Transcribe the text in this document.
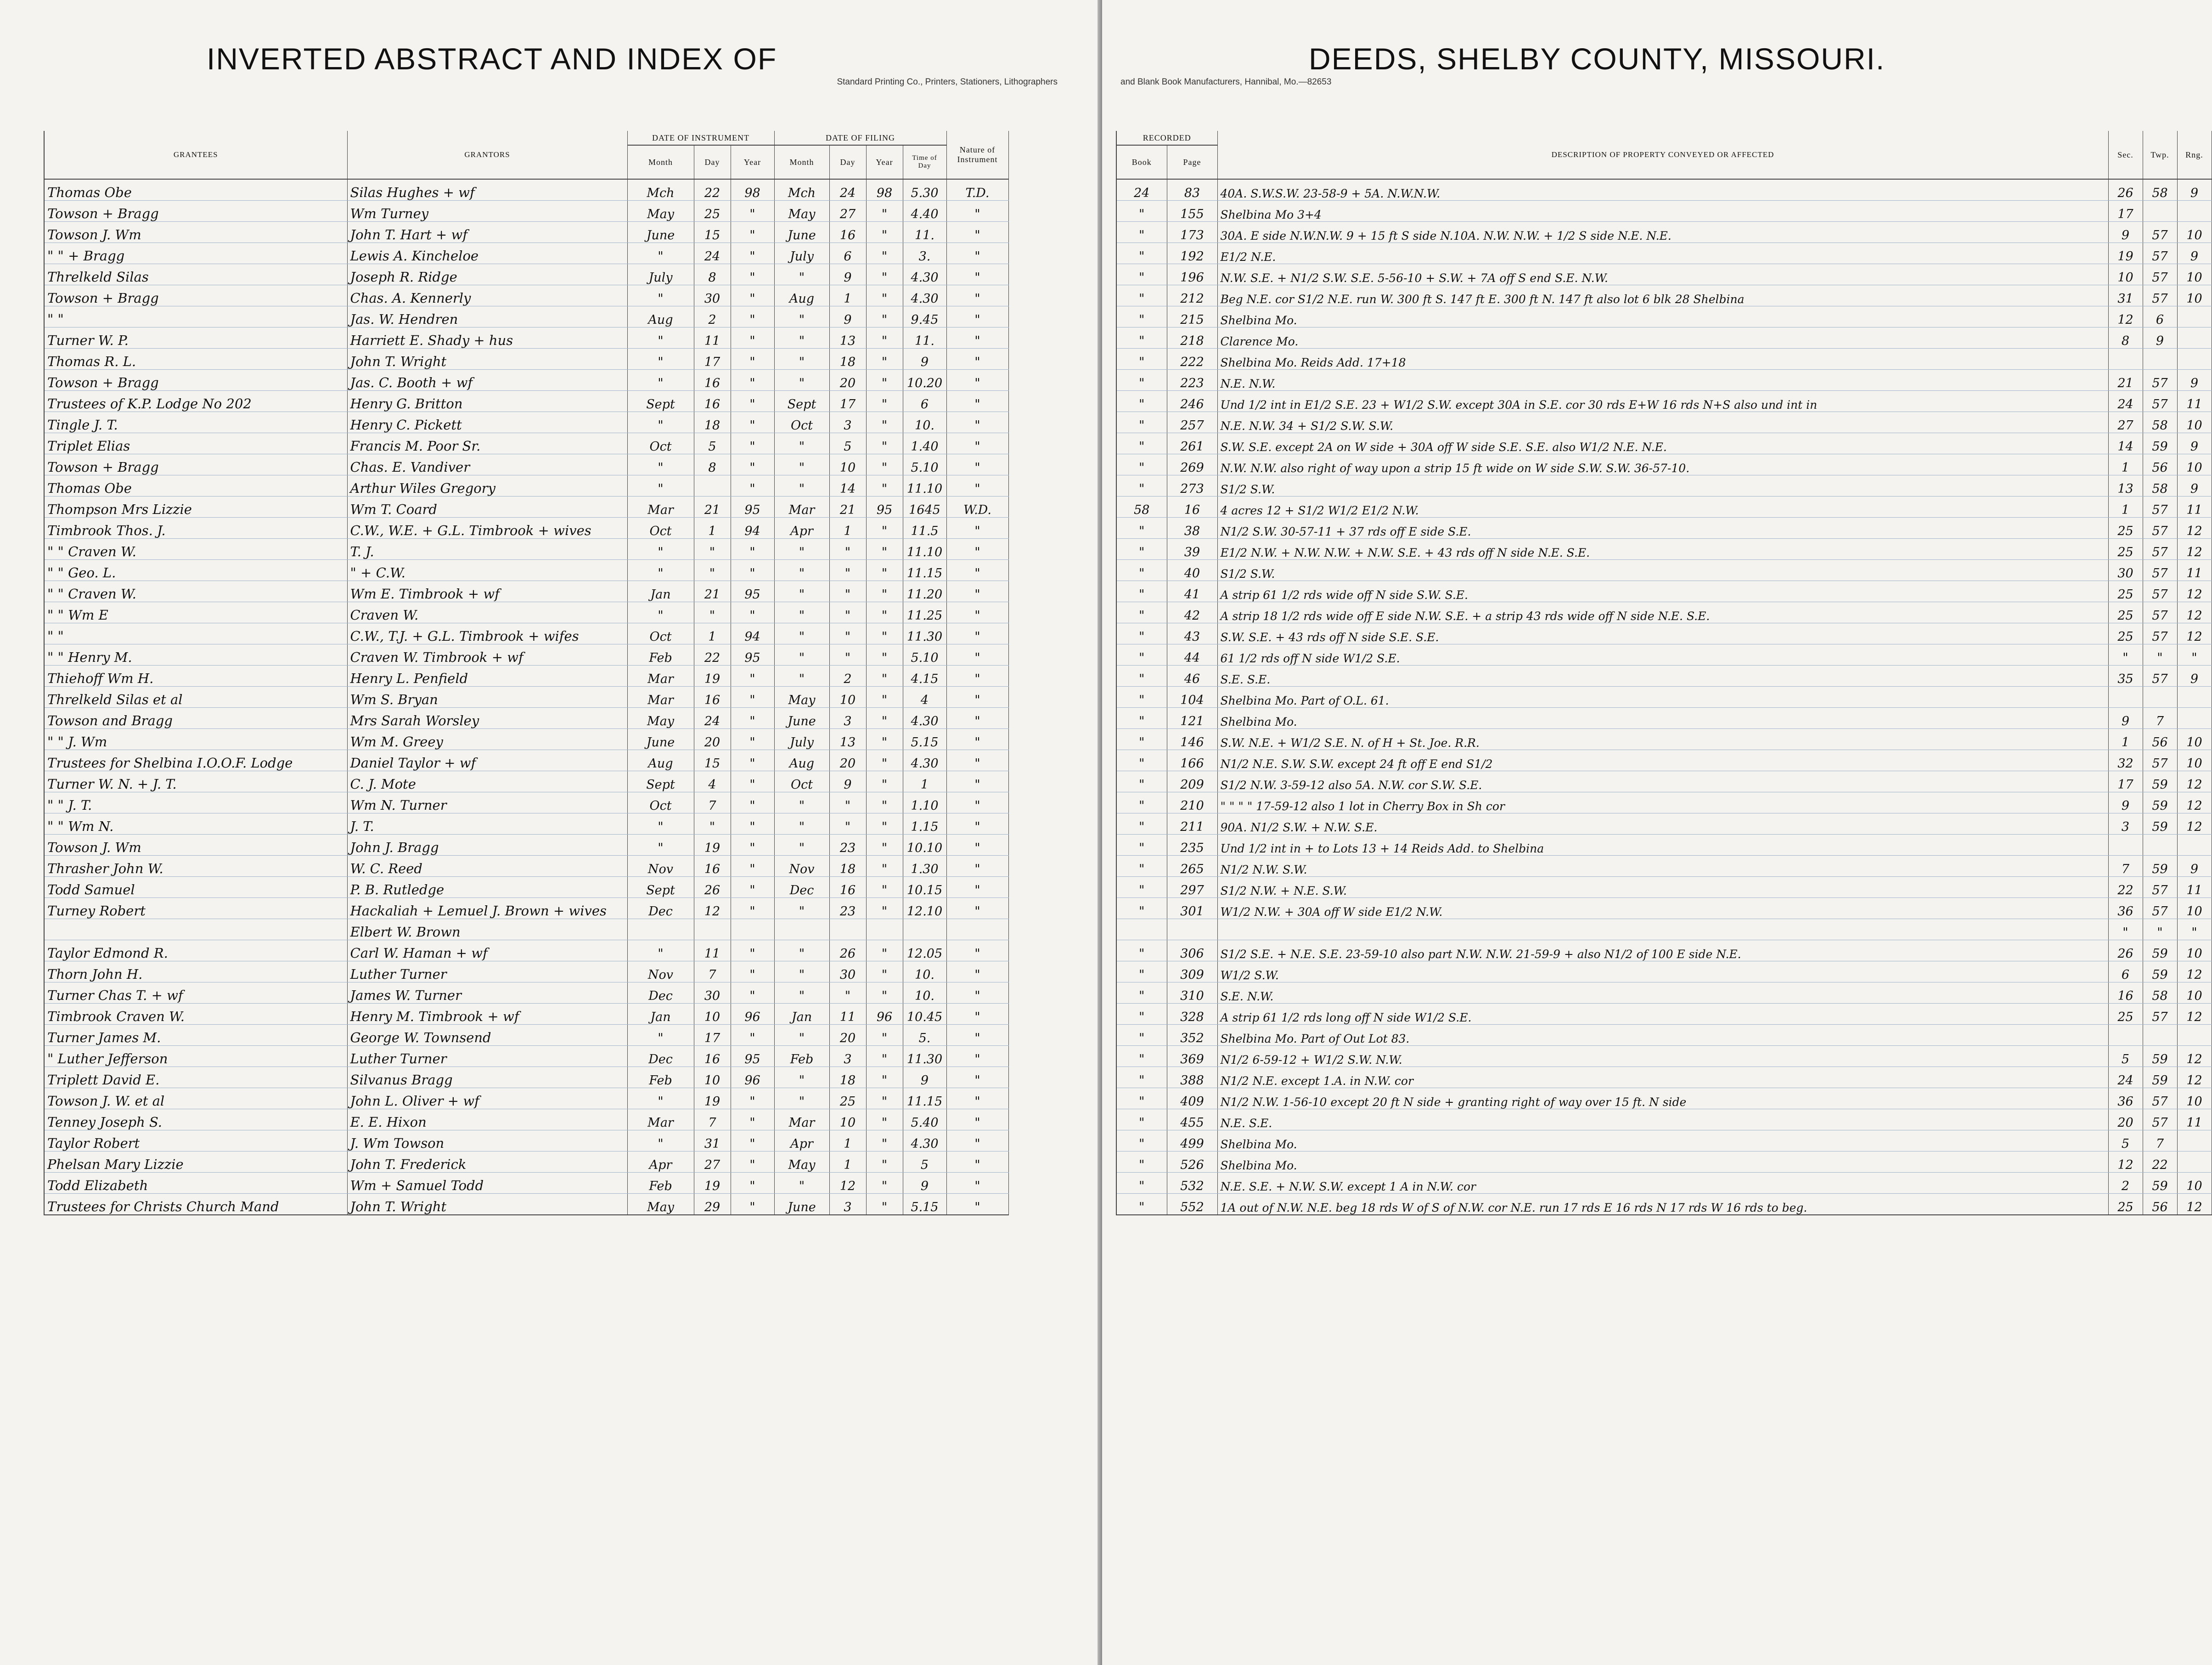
INVERTED ABSTRACT AND INDEX OF
Standard Printing Co., Printers, Stationers, Lithographers
GRANTEES	GRANTORS	DATE OF INSTRUMENT			DATE OF FILING				Nature of Instrument
		Month	Day	Year	Month	Day	Year	Time of Day	
Thomas Obe	Silas Hughes + wf	Mch	22	98	Mch	24	98	5.30	T.D.
Towson + Bragg	Wm Turney	May	25	"	May	27	"	4.40	"
Towson J. Wm	John T. Hart + wf	June	15	"	June	16	"	11.	"
" " + Bragg	Lewis A. Kincheloe	"	24	"	July	6	"	3.	"
Threlkeld Silas	Joseph R. Ridge	July	8	"	"	9	"	4.30	"
Towson + Bragg	Chas. A. Kennerly	"	30	"	Aug	1	"	4.30	"
" "	Jas. W. Hendren	Aug	2	"	"	9	"	9.45	"
Turner W. P.	Harriett E. Shady + hus	"	11	"	"	13	"	11.	"
Thomas R. L.	John T. Wright	"	17	"	"	18	"	9	"
Towson + Bragg	Jas. C. Booth + wf	"	16	"	"	20	"	10.20	"
Trustees of K.P. Lodge No 202	Henry G. Britton	Sept	16	"	Sept	17	"	6	"
Tingle J. T.	Henry C. Pickett	"	18	"	Oct	3	"	10.	"
Triplet Elias	Francis M. Poor Sr.	Oct	5	"	"	5	"	1.40	"
Towson + Bragg	Chas. E. Vandiver	"	8	"	"	10	"	5.10	"
Thomas Obe	Arthur Wiles Gregory	"		"	"	14	"	11.10	"
Thompson Mrs Lizzie	Wm T. Coard	Mar	21	95	Mar	21	95	1645	W.D.
Timbrook Thos. J.	C.W., W.E. + G.L. Timbrook + wives	Oct	1	94	Apr	1	"	11.5	"
" " Craven W.	T. J.	"	"	"	"	"	"	11.10	"
" " Geo. L.	" + C.W.	"	"	"	"	"	"	11.15	"
" " Craven W.	Wm E. Timbrook + wf	Jan	21	95	"	"	"	11.20	"
" " Wm E	Craven W.	"	"	"	"	"	"	11.25	"
" "	C.W., T.J. + G.L. Timbrook + wifes	Oct	1	94	"	"	"	11.30	"
" " Henry M.	Craven W. Timbrook + wf	Feb	22	95	"	"	"	5.10	"
Thiehoff Wm H.	Henry L. Penfield	Mar	19	"	"	2	"	4.15	"
Threlkeld Silas et al	Wm S. Bryan	Mar	16	"	May	10	"	4	"
Towson and Bragg	Mrs Sarah Worsley	May	24	"	June	3	"	4.30	"
" " J. Wm	Wm M. Greey	June	20	"	July	13	"	5.15	"
Trustees for Shelbina I.O.O.F. Lodge	Daniel Taylor + wf	Aug	15	"	Aug	20	"	4.30	"
Turner W. N. + J. T.	C. J. Mote	Sept	4	"	Oct	9	"	1	"
" " J. T.	Wm N. Turner	Oct	7	"	"	"	"	1.10	"
" " Wm N.	J. T.	"	"	"	"	"	"	1.15	"
Towson J. Wm	John J. Bragg	"	19	"	"	23	"	10.10	"
Thrasher John W.	W. C. Reed	Nov	16	"	Nov	18	"	1.30	"
Todd Samuel	P. B. Rutledge	Sept	26	"	Dec	16	"	10.15	"
Turney Robert	Hackaliah + Lemuel J. Brown + wives	Dec	12	"	"	23	"	12.10	"
	Elbert W. Brown								
Taylor Edmond R.	Carl W. Haman + wf	"	11	"	"	26	"	12.05	"
Thorn John H.	Luther Turner	Nov	7	"	"	30	"	10.	"
Turner Chas T. + wf	James W. Turner	Dec	30	"	"	"	"	10.	"
Timbrook Craven W.	Henry M. Timbrook + wf	Jan	10	96	Jan	11	96	10.45	"
Turner James M.	George W. Townsend	"	17	"	"	20	"	5.	"
" Luther Jefferson	Luther Turner	Dec	16	95	Feb	3	"	11.30	"
Triplett David E.	Silvanus Bragg	Feb	10	96	"	18	"	9	"
Towson J. W. et al	John L. Oliver + wf	"	19	"	"	25	"	11.15	"
Tenney Joseph S.	E. E. Hixon	Mar	7	"	Mar	10	"	5.40	"
Taylor Robert	J. Wm Towson	"	31	"	Apr	1	"	4.30	"
Phelsan Mary Lizzie	John T. Frederick	Apr	27	"	May	1	"	5	"
Todd Elizabeth	Wm + Samuel Todd	Feb	19	"	"	12	"	9	"
Trustees for Christs Church Mand	John T. Wright	May	29	"	June	3	"	5.15	"
DEEDS, SHELBY COUNTY, MISSOURI.
and Blank Book Manufacturers, Hannibal, Mo.—82653
RECORDED		DESCRIPTION OF PROPERTY CONVEYED OR AFFECTED	Sec.	Twp.	Rng.
Book	Page				
24	83	40A. S.W.S.W. 23-58-9 + 5A. N.W.N.W.	26	58	9
"	155	Shelbina Mo 3+4	17		
"	173	30A. E side N.W.N.W. 9 + 15 ft S side N.10A. N.W. N.W. + 1/2 S side N.E. N.E.	9	57	10
"	192	E1/2 N.E.	19	57	9
"	196	N.W. S.E. + N1/2 S.W. S.E. 5-56-10 + S.W. + 7A off S end S.E. N.W.	10	57	10
"	212	Beg N.E. cor S1/2 N.E. run W. 300 ft S. 147 ft E. 300 ft N. 147 ft also lot 6 blk 28 Shelbina	31	57	10
"	215	Shelbina Mo.	12	6	
"	218	Clarence Mo.	8	9	
"	222	Shelbina Mo. Reids Add. 17+18			
"	223	N.E. N.W.	21	57	9
"	246	Und 1/2 int in E1/2 S.E. 23 + W1/2 S.W. except 30A in S.E. cor 30 rds E+W 16 rds N+S also und int in	24	57	11
"	257	N.E. N.W. 34 + S1/2 S.W. S.W.	27	58	10
"	261	S.W. S.E. except 2A on W side + 30A off W side S.E. S.E. also W1/2 N.E. N.E.	14	59	9
"	269	N.W. N.W. also right of way upon a strip 15 ft wide on W side S.W. S.W. 36-57-10.	1	56	10
"	273	S1/2 S.W.	13	58	9
58	16	4 acres 12 + S1/2 W1/2 E1/2 N.W.	1	57	11
"	38	N1/2 S.W. 30-57-11 + 37 rds off E side S.E.	25	57	12
"	39	E1/2 N.W. + N.W. N.W. + N.W. S.E. + 43 rds off N side N.E. S.E.	25	57	12
"	40	S1/2 S.W.	30	57	11
"	41	A strip 61 1/2 rds wide off N side S.W. S.E.	25	57	12
"	42	A strip 18 1/2 rds wide off E side N.W. S.E. + a strip 43 rds wide off N side N.E. S.E.	25	57	12
"	43	S.W. S.E. + 43 rds off N side S.E. S.E.	25	57	12
"	44	61 1/2 rds off N side W1/2 S.E.	"	"	"
"	46	S.E. S.E.	35	57	9
"	104	Shelbina Mo. Part of O.L. 61.			
"	121	Shelbina Mo.	9	7	
"	146	S.W. N.E. + W1/2 S.E. N. of H + St. Joe. R.R.	1	56	10
"	166	N1/2 N.E. S.W. S.W. except 24 ft off E end S1/2	32	57	10
"	209	S1/2 N.W. 3-59-12 also 5A. N.W. cor S.W. S.E.	17	59	12
"	210	" " " " 17-59-12 also 1 lot in Cherry Box in Sh cor	9	59	12
"	211	90A. N1/2 S.W. + N.W. S.E.	3	59	12
"	235	Und 1/2 int in + to Lots 13 + 14 Reids Add. to Shelbina			
"	265	N1/2 N.W. S.W.	7	59	9
"	297	S1/2 N.W. + N.E. S.W.	22	57	11
"	301	W1/2 N.W. + 30A off W side E1/2 N.W.	36	57	10
			"	"	"
"	306	S1/2 S.E. + N.E. S.E. 23-59-10 also part N.W. N.W. 21-59-9 + also N1/2 of 100 E side N.E.	26	59	10
"	309	W1/2 S.W.	6	59	12
"	310	S.E. N.W.	16	58	10
"	328	A strip 61 1/2 rds long off N side W1/2 S.E.	25	57	12
"	352	Shelbina Mo. Part of Out Lot 83.			
"	369	N1/2 6-59-12 + W1/2 S.W. N.W.	5	59	12
"	388	N1/2 N.E. except 1.A. in N.W. cor	24	59	12
"	409	N1/2 N.W. 1-56-10 except 20 ft N side + granting right of way over 15 ft. N side	36	57	10
"	455	N.E. S.E.	20	57	11
"	499	Shelbina Mo.	5	7	
"	526	Shelbina Mo.	12	22	
"	532	N.E. S.E. + N.W. S.W. except 1 A in N.W. cor	2	59	10
"	552	1A out of N.W. N.E. beg 18 rds W of S of N.W. cor N.E. run 17 rds E 16 rds N 17 rds W 16 rds to beg.	25	56	12
